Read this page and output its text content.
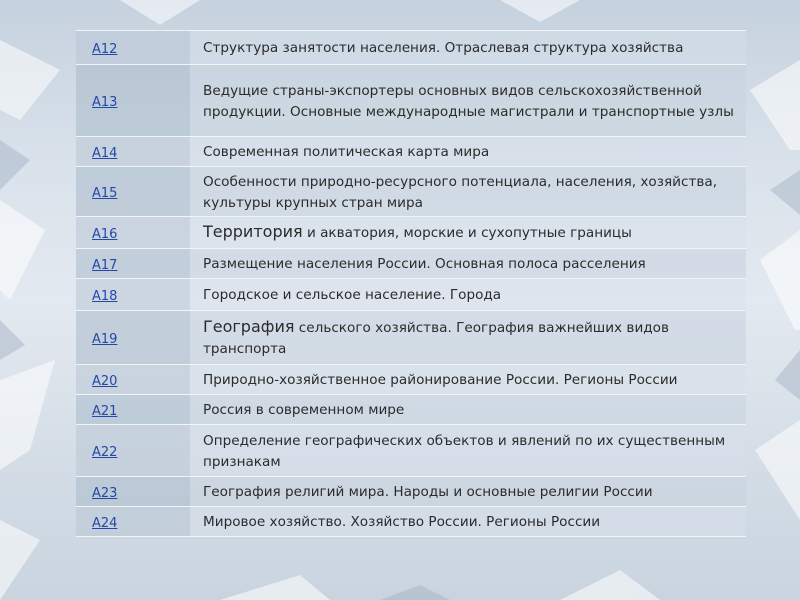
А12	Структура занятости населения. Отраслевая структура хозяйства
А13	Ведущие страны-экспортеры основных видов сельскохозяйственной продукции. Основные международные магистрали и транспортные узлы
А14	Современная политическая карта мира
А15	Особенности природно-ресурсного потенциала, населения, хозяйства, культуры крупных стран мира
А16	Территория и акватория, морские и сухопутные границы
А17	Размещение населения России. Основная полоса расселения
А18	Городское и сельское население. Города
А19	География сельского хозяйства. География важнейших видов транспорта
А20	Природно-хозяйственное районирование России. Регионы России
А21	Россия в современном мире
А22	Определение географических объектов и явлений по их существенным признакам
А23	География религий мира. Народы и основные религии России
А24	Мировое хозяйство. Хозяйство России. Регионы России
